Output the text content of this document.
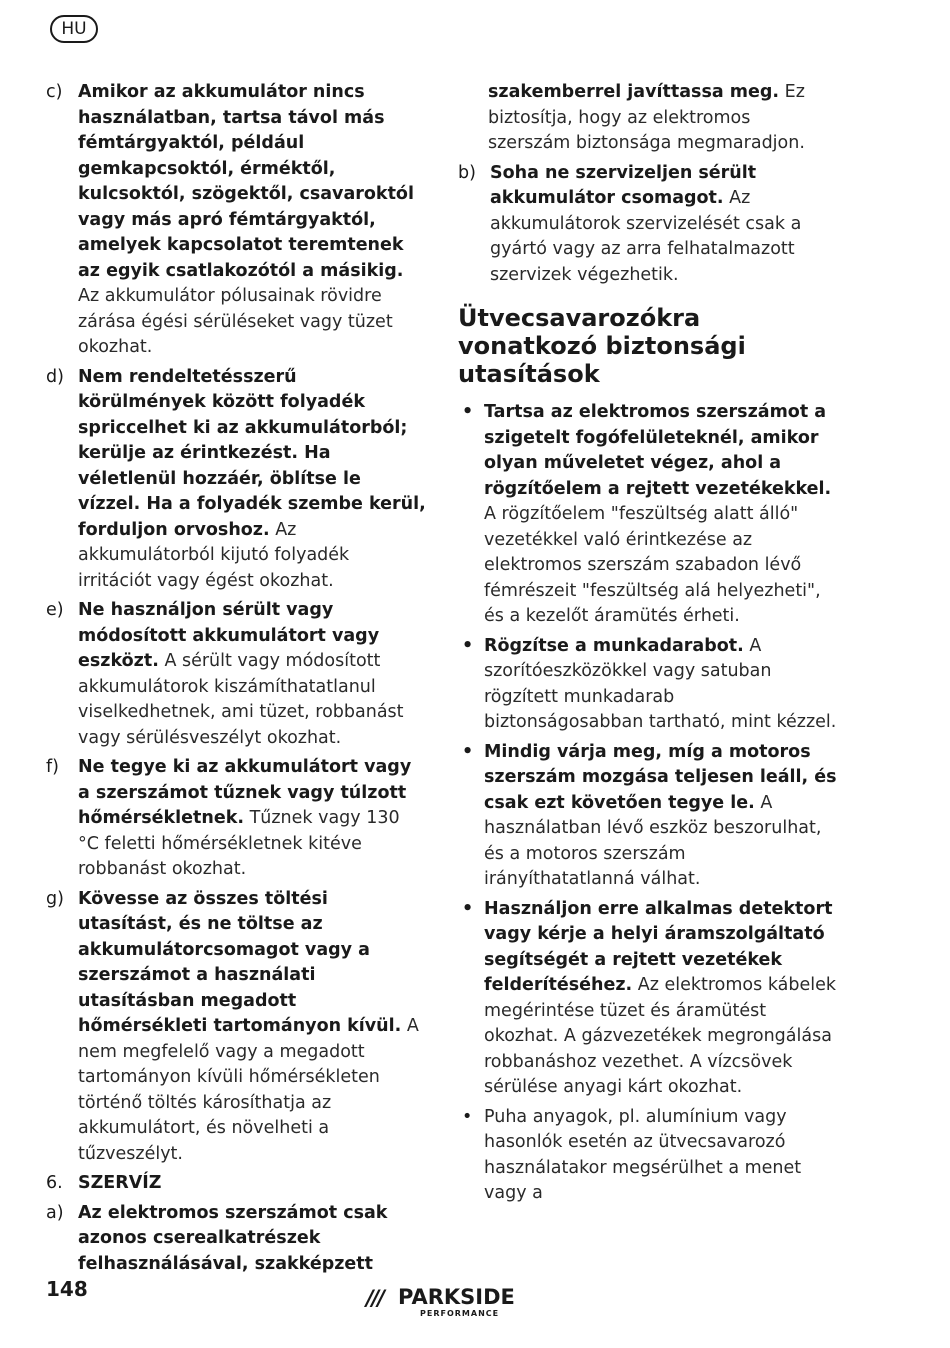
HU
c) Amikor az akkumulátor nincs használatban, tartsa távol más fémtárgyaktól, például gemkapcsoktól, érméktől, kulcsoktól, szögektől, csavaroktól vagy más apró fémtárgyaktól, amelyek kapcsolatot teremtenek az egyik csatlakozótól a másikig. Az akkumulátor pólusainak rövidre zárása égési sérüléseket vagy tüzet okozhat.
d) Nem rendeltetésszerű körülmények között folyadék spriccelhet ki az akkumulátorból; kerülje az érintkezést. Ha véletlenül hozzáér, öblítse le vízzel. Ha a folyadék szembe kerül, forduljon orvoshoz. Az akkumulátorból kijutó folyadék irritációt vagy égést okozhat.
e) Ne használjon sérült vagy módosított akkumulátort vagy eszközt. A sérült vagy módosított akkumulátorok kiszámíthatatlanul viselkedhetnek, ami tüzet, robbanást vagy sérülésveszélyt okozhat.
f) Ne tegye ki az akkumulátort vagy a szerszámot tűznek vagy túlzott hőmérsékletnek. Tűznek vagy 130 °C feletti hőmérsékletnek kitéve robbanást okozhat.
g) Kövesse az összes töltési utasítást, és ne töltse az akkumulátorcsomagot vagy a szerszámot a használati utasításban megadott hőmérsékleti tartományon kívül. A nem megfelelő vagy a megadott tartományon kívüli hőmérsékleten történő töltés károsíthatja az akkumulátort, és növelheti a tűzveszélyt.
6. SZERVÍZ
a) Az elektromos szerszámot csak azonos cserealkatrészek felhasználásával, szakképzett
szakemberrel javíttassa meg. Ez biztosítja, hogy az elektromos szerszám biztonsága megmaradjon.
b) Soha ne szervizeljen sérült akkumulátor csomagot. Az akkumulátorok szervizelését csak a gyártó vagy az arra felhatalmazott szervizek végezhetik.
Ütvecsavarozókra vonatkozó biztonsági utasítások
• Tartsa az elektromos szerszámot a szigetelt fogófelületeknél, amikor olyan műveletet végez, ahol a rögzítőelem a rejtett vezetékekkel. A rögzítőelem "feszültség alatt álló" vezetékkel való érintkezése az elektromos szerszám szabadon lévő fémrészeit "feszültség alá helyezheti", és a kezelőt áramütés érheti.
• Rögzítse a munkadarabot. A szorítóeszközökkel vagy satuban rögzített munkadarab biztonságosabban tartható, mint kézzel.
• Mindig várja meg, míg a motoros szerszám mozgása teljesen leáll, és csak ezt követően tegye le. A használatban lévő eszköz beszorulhat, és a motoros szerszám irányíthatatlanná válhat.
• Használjon erre alkalmas detektort vagy kérje a helyi áramszolgáltató segítségét a rejtett vezetékek felderítéséhez. Az elektromos kábelek megérintése tüzet és áramütést okozhat. A gázvezetékek megrongálása robbanáshoz vezethet. A vízcsövek sérülése anyagi kárt okozhat.
• Puha anyagok, pl. alumínium vagy hasonlók esetén az ütvecsavarozó használatakor megsérülhet a menet vagy a
148	/// PARKSIDE
PERFORMANCE
